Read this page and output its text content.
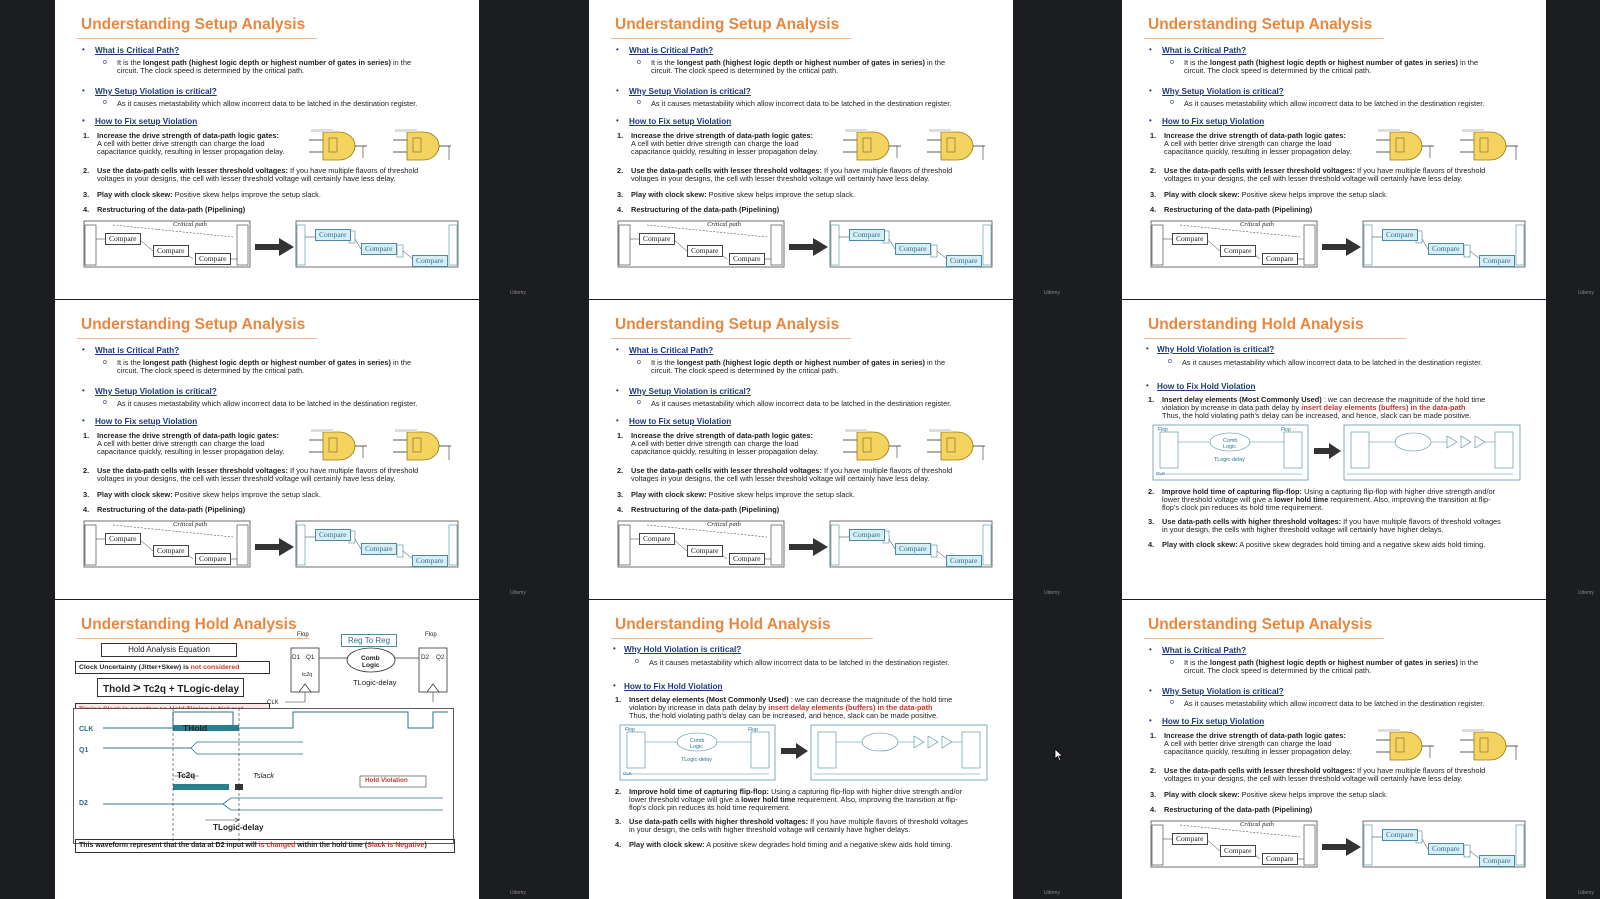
Understanding Setup Analysis
• What is Critical Path?
o It is the longest path (highest logic depth or highest number of gates in series) in the
circuit. The clock speed is determined by the critical path.
• Why Setup Violation is critical?
o As it causes metastability which allow incorrect data to be latched in the destination register.
• How to Fix setup Violation
1. Increase the drive strength of data-path logic gates:
A cell with better drive strength can charge the load
capacitance quickly, resulting in lesser propagation delay.
2. Use the data-path cells with lesser threshold voltages: If you have multiple flavors of threshold
voltages in your designs, the cell with lesser threshold voltage will certainly have less delay.
3. Play with clock skew: Positive skew helps improve the setup slack.
4. Restructuring of the data-path (Pipelining)
Critical path
Compare
Compare
Compare
Compare
Compare
Compare
Understanding Setup Analysis
• What is Critical Path?
o It is the longest path (highest logic depth or highest number of gates in series) in the
circuit. The clock speed is determined by the critical path.
• Why Setup Violation is critical?
o As it causes metastability which allow incorrect data to be latched in the destination register.
• How to Fix setup Violation
1. Increase the drive strength of data-path logic gates:
A cell with better drive strength can charge the load
capacitance quickly, resulting in lesser propagation delay.
2. Use the data-path cells with lesser threshold voltages: If you have multiple flavors of threshold
voltages in your designs, the cell with lesser threshold voltage will certainly have less delay.
3. Play with clock skew: Positive skew helps improve the setup slack.
4. Restructuring of the data-path (Pipelining)
Critical path
Compare
Compare
Compare
Compare
Compare
Compare
Understanding Setup Analysis
• What is Critical Path?
o It is the longest path (highest logic depth or highest number of gates in series) in the
circuit. The clock speed is determined by the critical path.
• Why Setup Violation is critical?
o As it causes metastability which allow incorrect data to be latched in the destination register.
• How to Fix setup Violation
1. Increase the drive strength of data-path logic gates:
A cell with better drive strength can charge the load
capacitance quickly, resulting in lesser propagation delay.
2. Use the data-path cells with lesser threshold voltages: If you have multiple flavors of threshold
voltages in your designs, the cell with lesser threshold voltage will certainly have less delay.
3. Play with clock skew: Positive skew helps improve the setup slack.
4. Restructuring of the data-path (Pipelining)
Critical path
Compare
Compare
Compare
Compare
Compare
Compare
Understanding Setup Analysis
• What is Critical Path?
o It is the longest path (highest logic depth or highest number of gates in series) in the
circuit. The clock speed is determined by the critical path.
• Why Setup Violation is critical?
o As it causes metastability which allow incorrect data to be latched in the destination register.
• How to Fix setup Violation
1. Increase the drive strength of data-path logic gates:
A cell with better drive strength can charge the load
capacitance quickly, resulting in lesser propagation delay.
2. Use the data-path cells with lesser threshold voltages: If you have multiple flavors of threshold
voltages in your designs, the cell with lesser threshold voltage will certainly have less delay.
3. Play with clock skew: Positive skew helps improve the setup slack.
4. Restructuring of the data-path (Pipelining)
Critical path
Compare
Compare
Compare
Compare
Compare
Compare
Understanding Setup Analysis
• What is Critical Path?
o It is the longest path (highest logic depth or highest number of gates in series) in the
circuit. The clock speed is determined by the critical path.
• Why Setup Violation is critical?
o As it causes metastability which allow incorrect data to be latched in the destination register.
• How to Fix setup Violation
1. Increase the drive strength of data-path logic gates:
A cell with better drive strength can charge the load
capacitance quickly, resulting in lesser propagation delay.
2. Use the data-path cells with lesser threshold voltages: If you have multiple flavors of threshold
voltages in your designs, the cell with lesser threshold voltage will certainly have less delay.
3. Play with clock skew: Positive skew helps improve the setup slack.
4. Restructuring of the data-path (Pipelining)
Critical path
Compare
Compare
Compare
Compare
Compare
Compare
Understanding Hold Analysis
• Why Hold Violation is critical?
o As it causes metastability which allow incorrect data to be latched in the destination register.
• How to Fix Hold Violation
1. Insert delay elements (Most Commonly Used) : we can decrease the magnitude of the hold time
violation by increase in data path delay by insert delay elements (buffers) in the data-path
Thus, the hold violating path's delay can be increased, and hence, slack can be made positive.
Flop	Flop
Comb
Logic
TLogic-delay
CLK
2. Improve hold time of capturing flip-flop: Using a capturing flip-flop with higher drive strength and/or
lower threshold voltage will give a lower hold time requirement. Also, improving the transition at flip-
flop's clock pin reduces its hold time requirement.
3. Use data-path cells with higher threshold voltages: If you have multiple flavors of threshold voltages
in your design, the cells with higher threshold voltage will certainly have higher delays.
4. Play with clock skew: A positive skew degrades hold timing and a negative skew aids hold timing.
Understanding Hold Analysis
Hold Analysis Equation
Clock Uncertainty (Jitter+Skew) is not considered
Thold > Tc2q + TLogic-delay
Reg To Reg
Flop	Flop
D1 Q1
tc2q
D2 Q2
Comb
Logic
TLogic-delay
CLK
CLK
Q1
D2
THold
Tc2q	Tslack
Hold Violation
TLogic-delay
This waveform represent that the data at D2 input will is changed within the hold time (Slack is Negative)
Understanding Hold Analysis
• Why Hold Violation is critical?
o As it causes metastability which allow incorrect data to be latched in the destination register.
• How to Fix Hold Violation
1. Insert delay elements (Most Commonly Used) : we can decrease the magnitude of the hold time
violation by increase in data path delay by insert delay elements (buffers) in the data-path
Thus, the hold violating path's delay can be increased, and hence, slack can be made positive.
Flop	Flop
Comb
Logic
TLogic-delay
CLK
2. Improve hold time of capturing flip-flop: Using a capturing flip-flop with higher drive strength and/or
lower threshold voltage will give a lower hold time requirement. Also, improving the transition at flip-
flop's clock pin reduces its hold time requirement.
3. Use data-path cells with higher threshold voltages: If you have multiple flavors of threshold voltages
in your design, the cells with higher threshold voltage will certainly have higher delays.
4. Play with clock skew: A positive skew degrades hold timing and a negative skew aids hold timing.
Understanding Setup Analysis
• What is Critical Path?
o It is the longest path (highest logic depth or highest number of gates in series) in the
circuit. The clock speed is determined by the critical path.
• Why Setup Violation is critical?
o As it causes metastability which allow incorrect data to be latched in the destination register.
• How to Fix setup Violation
1. Increase the drive strength of data-path logic gates:
A cell with better drive strength can charge the load
capacitance quickly, resulting in lesser propagation delay.
2. Use the data-path cells with lesser threshold voltages: If you have multiple flavors of threshold
voltages in your designs, the cell with lesser threshold voltage will certainly have less delay.
3. Play with clock skew: Positive skew helps improve the setup slack.
4. Restructuring of the data-path (Pipelining)
Critical path
Compare
Compare
Compare
Compare
Compare
Compare
Udemy	Udemy	Udemy
Udemy	Udemy	Udemy
Udemy	Udemy	Udemy
